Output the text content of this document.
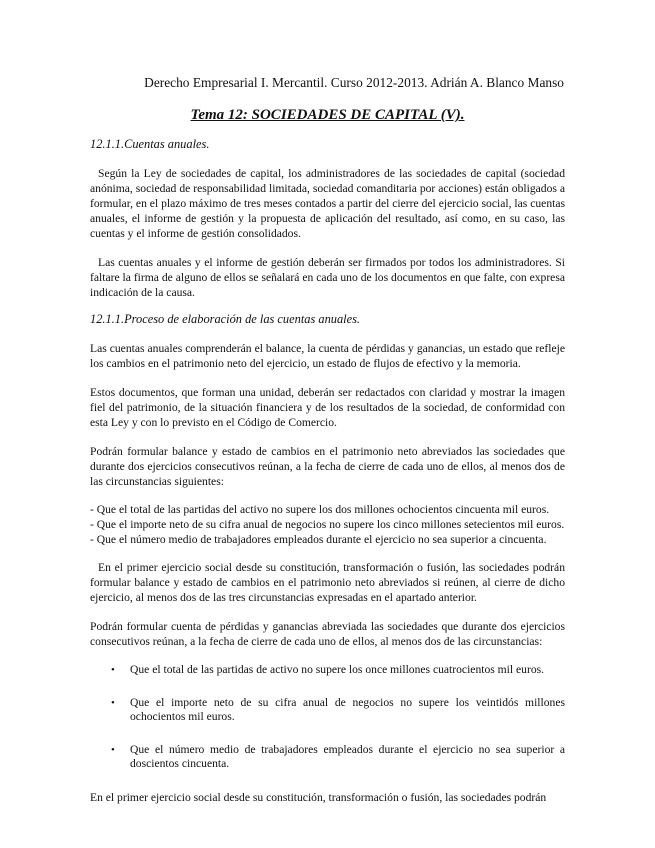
Derecho Empresarial I. Mercantil. Curso 2012-2013. Adrián A. Blanco Manso
Tema 12: SOCIEDADES DE CAPITAL (V).
12.1.1.Cuentas anuales.

Según la Ley de sociedades de capital, los administradores de las sociedades de capital (sociedad anónima, sociedad de responsabilidad limitada, sociedad comanditaria por acciones) están obligados a formular, en el plazo máximo de tres meses contados a partir del cierre del ejercicio social, las cuentas anuales, el informe de gestión y la propuesta de aplicación del resultado, así como, en su caso, las cuentas y el informe de gestión consolidados.

Las cuentas anuales y el informe de gestión deberán ser firmados por todos los administradores. Si faltare la firma de alguno de ellos se señalará en cada uno de los documentos en que falte, con expresa indicación de la causa.

12.1.1.Proceso de elaboración de las cuentas anuales.

Las cuentas anuales comprenderán el balance, la cuenta de pérdidas y ganancias, un estado que refleje los cambios en el patrimonio neto del ejercicio, un estado de flujos de efectivo y la memoria.

Estos documentos, que forman una unidad, deberán ser redactados con claridad y mostrar la imagen fiel del patrimonio, de la situación financiera y de los resultados de la sociedad, de conformidad con esta Ley y con lo previsto en el Código de Comercio.

Podrán formular balance y estado de cambios en el patrimonio neto abreviados las sociedades que durante dos ejercicios consecutivos reúnan, a la fecha de cierre de cada uno de ellos, al menos dos de las circunstancias siguientes:

- Que el total de las partidas del activo no supere los dos millones ochocientos cincuenta mil euros.
- Que el importe neto de su cifra anual de negocios no supere los cinco millones setecientos mil euros.
- Que el número medio de trabajadores empleados durante el ejercicio no sea superior a cincuenta.

En el primer ejercicio social desde su constitución, transformación o fusión, las sociedades podrán formular balance y estado de cambios en el patrimonio neto abreviados si reúnen, al cierre de dicho ejercicio, al menos dos de las tres circunstancias expresadas en el apartado anterior.

Podrán formular cuenta de pérdidas y ganancias abreviada las sociedades que durante dos ejercicios consecutivos reúnan, a la fecha de cierre de cada uno de ellos, al menos dos de las circunstancias:

• Que el total de las partidas de activo no supere los once millones cuatrocientos mil euros.
• Que el importe neto de su cifra anual de negocios no supere los veintidós millones ochocientos mil euros.
• Que el número medio de trabajadores empleados durante el ejercicio no sea superior a doscientos cincuenta.

En el primer ejercicio social desde su constitución, transformación o fusión, las sociedades podrán
